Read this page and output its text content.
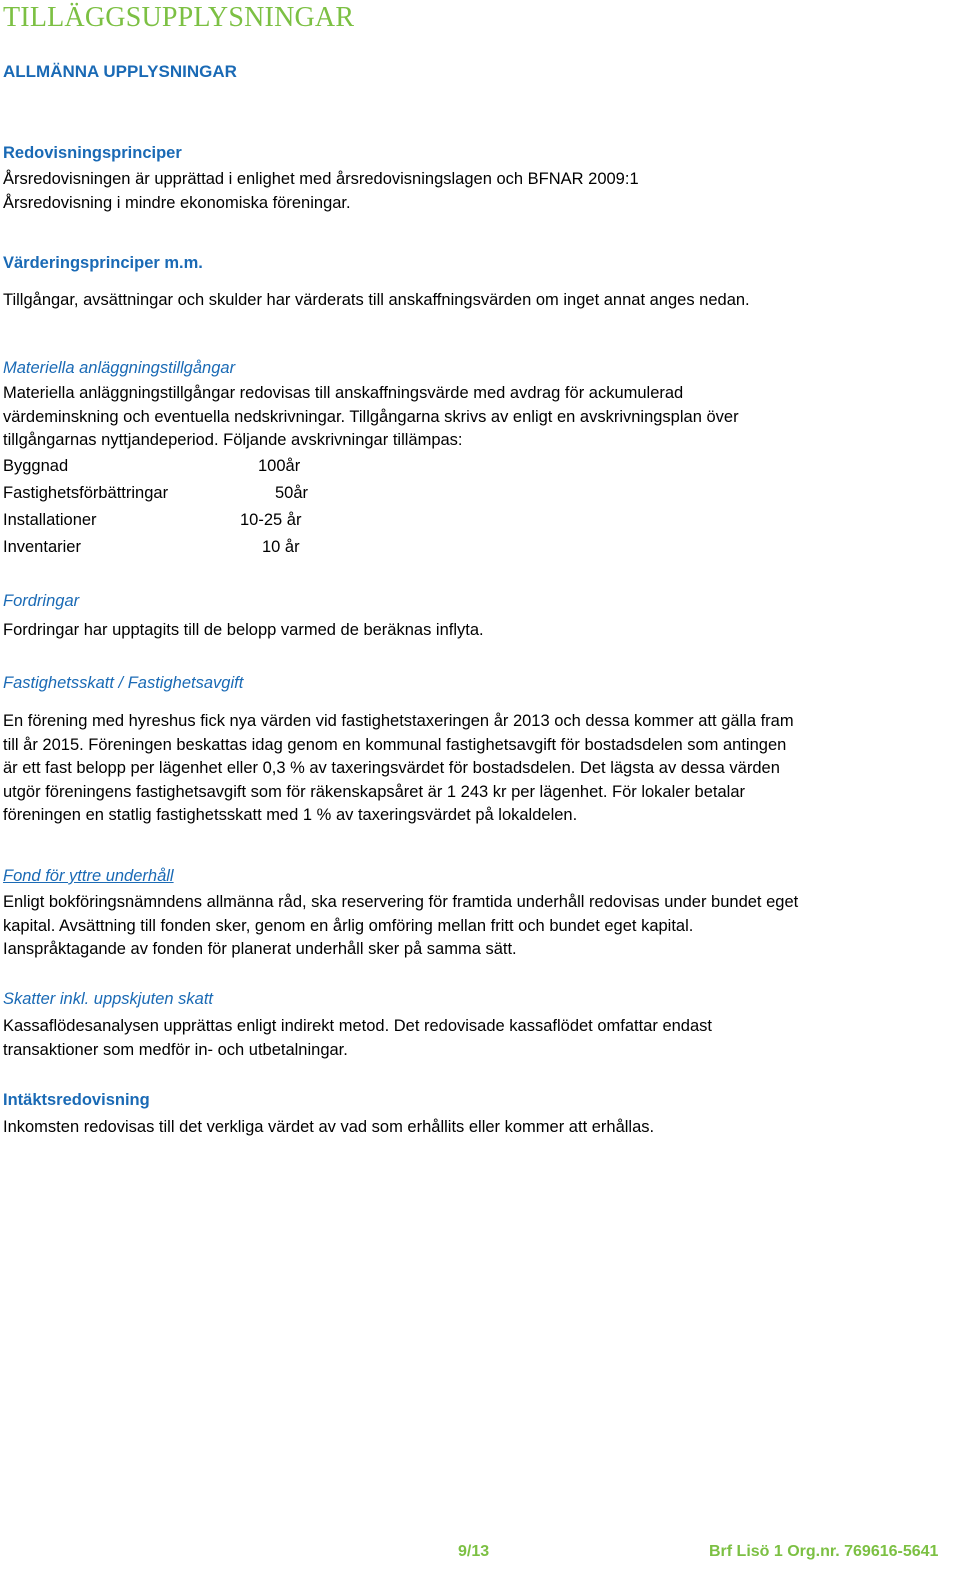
TILLÄGGSUPPLYSNINGAR
ALLMÄNNA UPPLYSNINGAR
Redovisningsprinciper
Årsredovisningen är upprättad i enlighet med årsredovisningslagen och BFNAR 2009:1
Årsredovisning i mindre ekonomiska föreningar.
Värderingsprinciper m.m.
Tillgångar, avsättningar och skulder har värderats till anskaffningsvärden om inget annat anges nedan.
Materiella anläggningstillgångar
Materiella anläggningstillgångar redovisas till anskaffningsvärde med avdrag för ackumulerad
värdeminskning och eventuella nedskrivningar. Tillgångarna skrivs av enligt en avskrivningsplan över
tillgångarnas nyttjandeperiod. Följande avskrivningar tillämpas:
Byggnad	100år
Fastighetsförbättringar	50år
Installationer	10-25 år
Inventarier	10 år
Fordringar
Fordringar har upptagits till de belopp varmed de beräknas inflyta.
Fastighetsskatt / Fastighetsavgift
En förening med hyreshus fick nya värden vid fastighetstaxeringen år 2013 och dessa kommer att gälla fram
till år 2015. Föreningen beskattas idag genom en kommunal fastighetsavgift för bostadsdelen som antingen
är ett fast belopp per lägenhet eller 0,3 % av taxeringsvärdet för bostadsdelen. Det lägsta av dessa värden
utgör föreningens fastighetsavgift som för räkenskapsåret är 1 243 kr per lägenhet. För lokaler betalar
föreningen en statlig fastighetsskatt med 1 % av taxeringsvärdet på lokaldelen.
Fond för yttre underhåll
Enligt bokföringsnämndens allmänna råd, ska reservering för framtida underhåll redovisas under bundet eget
kapital. Avsättning till fonden sker, genom en årlig omföring mellan fritt och bundet eget kapital.
Ianspråktagande av fonden för planerat underhåll sker på samma sätt.
Skatter inkl. uppskjuten skatt
Kassaflödesanalysen upprättas enligt indirekt metod. Det redovisade kassaflödet omfattar endast
transaktioner som medför in- och utbetalningar.
Intäktsredovisning
Inkomsten redovisas till det verkliga värdet av vad som erhållits eller kommer att erhållas.
9/13	Brf Lisö 1 Org.nr. 769616-5641
